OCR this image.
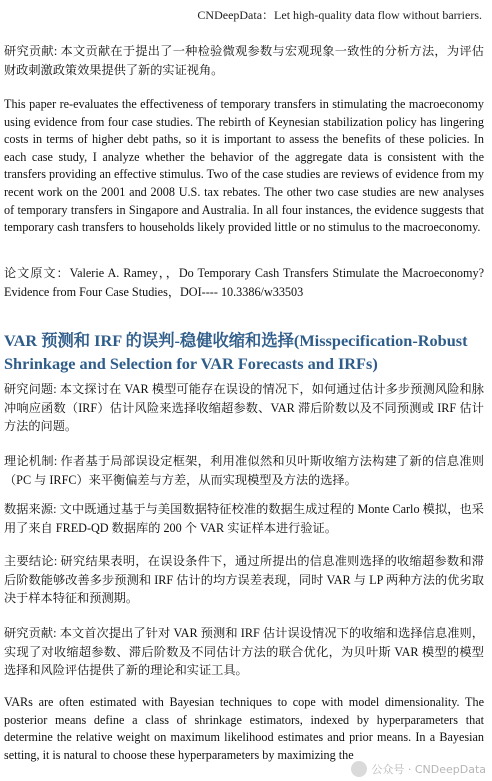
CNDeepData：Let high-quality data flow without barriers.

研究贡献: 本文贡献在于提出了一种检验微观参数与宏观现象一致性的分析方法，为评估财政刺激政策效果提供了新的实证视角。

This paper re-evaluates the effectiveness of temporary transfers in stimulating the macroeconomy using evidence from four case studies. The rebirth of Keynesian stabilization policy has lingering costs in terms of higher debt paths, so it is important to assess the benefits of these policies. In each case study, I analyze whether the behavior of the aggregate data is consistent with the transfers providing an effective stimulus. Two of the case studies are reviews of evidence from my recent work on the 2001 and 2008 U.S. tax rebates. The other two case studies are new analyses of temporary transfers in Singapore and Australia. In all four instances, the evidence suggests that temporary cash transfers to households likely provided little or no stimulus to the macroeconomy.

论文原文：Valerie A. Ramey，，Do Temporary Cash Transfers Stimulate the Macroeconomy? Evidence from Four Case Studies，DOI---- 10.3386/w33503

VAR 预测和 IRF 的误判-稳健收缩和选择(Misspecification-Robust Shrinkage and Selection for VAR Forecasts and IRFs)

研究问题: 本文探讨在 VAR 模型可能存在误设的情况下，如何通过估计多步预测风险和脉冲响应函数（IRF）估计风险来选择收缩超参数、VAR 滞后阶数以及不同预测或 IRF 估计方法的问题。

理论机制: 作者基于局部误设定框架，利用准似然和贝叶斯收缩方法构建了新的信息准则（PC 与 IRFC）来平衡偏差与方差，从而实现模型及方法的选择。

数据来源: 文中既通过基于与美国数据特征校准的数据生成过程的 Monte Carlo 模拟，也采用了来自 FRED-QD 数据库的 200 个 VAR 实证样本进行验证。

主要结论: 研究结果表明，在误设条件下，通过所提出的信息准则选择的收缩超参数和滞后阶数能够改善多步预测和 IRF 估计的均方误差表现，同时 VAR 与 LP 两种方法的优劣取决于样本特征和预测期。

研究贡献: 本文首次提出了针对 VAR 预测和 IRF 估计误设情况下的收缩和选择信息准则，实现了对收缩超参数、滞后阶数及不同估计方法的联合优化，为贝叶斯 VAR 模型的模型选择和风险评估提供了新的理论和实证工具。

VARs are often estimated with Bayesian techniques to cope with model dimensionality. The posterior means define a class of shrinkage estimators, indexed by hyperparameters that determine the relative weight on maximum likelihood estimates and prior means. In a Bayesian setting, it is natural to choose these hyperparameters by maximizing the

公众号 · CNDeepData
